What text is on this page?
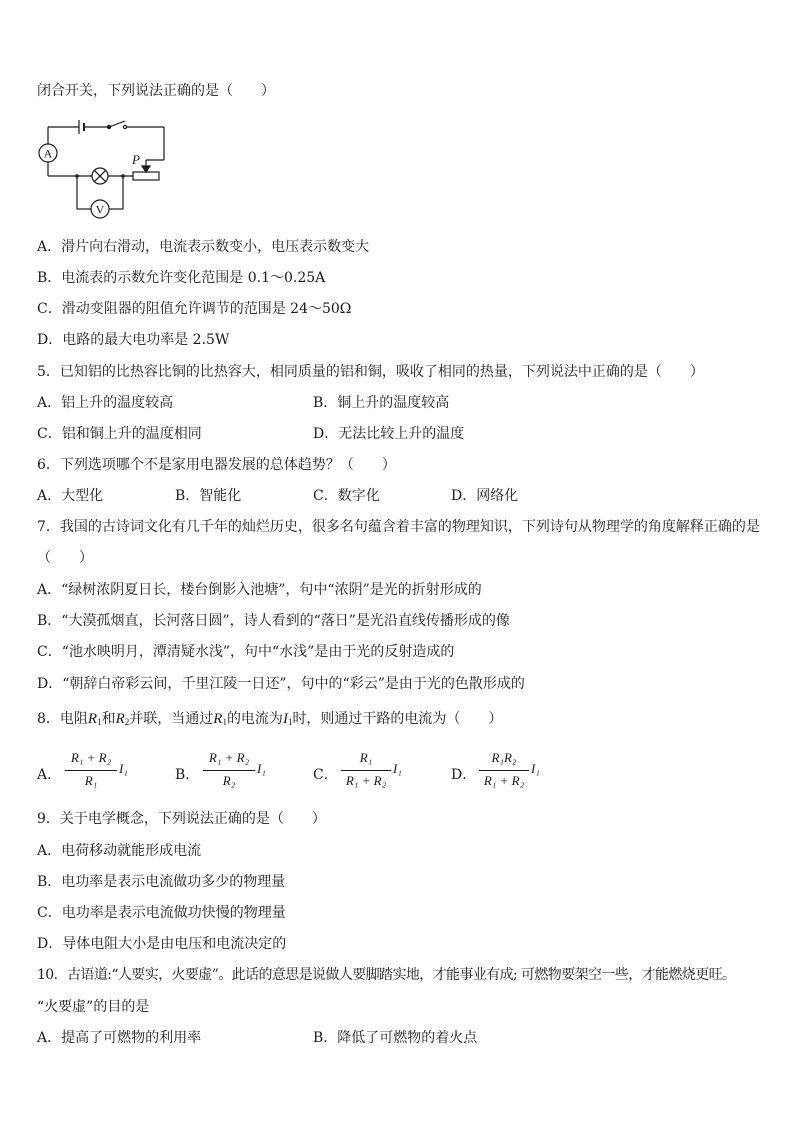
闭合开关，下列说法正确的是（　　）
A
V
P
A．滑片向右滑动，电流表示数变小，电压表示数变大
B．电流表的示数允许变化范围是 0.1～0.25A
C．滑动变阻器的阻值允许调节的范围是 24～50Ω
D．电路的最大电功率是 2.5W
5．已知铝的比热容比铜的比热容大，相同质量的铝和铜，吸收了相同的热量，下列说法中正确的是（　　）
A．铝上升的温度较高	B．铜上升的温度较高
C．铝和铜上升的温度相同	D．无法比较上升的温度
6．下列选项哪个不是家用电器发展的总体趋势？（　　）
A．大型化	B．智能化	C．数字化	D．网络化
7．我国的古诗词文化有几千年的灿烂历史，很多名句蕴含着丰富的物理知识，下列诗句从物理学的角度解释正确的是
（　　）
A．“绿树浓阴夏日长，楼台倒影入池塘”，句中“浓阴”是光的折射形成的
B．“大漠孤烟直，长河落日圆”，诗人看到的“落日”是光沿直线传播形成的像
C．“池水映明月，潭清疑水浅”，句中“水浅”是由于光的反射造成的
D．“朝辞白帝彩云间，千里江陵一日还”，句中的“彩云”是由于光的色散形成的
8．电阻$R_1$和$R_2$并联，当通过$R_1$的电流为$I_1$时，则通过干路的电流为（　　）
A．
R₁ + R₂
R₁
I₁	B．
R₁ + R₂
R₂
I₁	C．
R₁
R₁ + R₂
I₁	D．
R₁R₂
R₁ + R₂
I₁
9．关于电学概念，下列说法正确的是（　　）
A．电荷移动就能形成电流
B．电功率是表示电流做功多少的物理量
C．电功率是表示电流做功快慢的物理量
D．导体电阻大小是由电压和电流决定的
10．古语道:“人要实，火要虚”。此话的意思是说做人要脚踏实地，才能事业有成; 可燃物要架空一些，才能燃烧更旺。
“火要虚”的目的是
A．提高了可燃物的利用率	B．降低了可燃物的着火点
